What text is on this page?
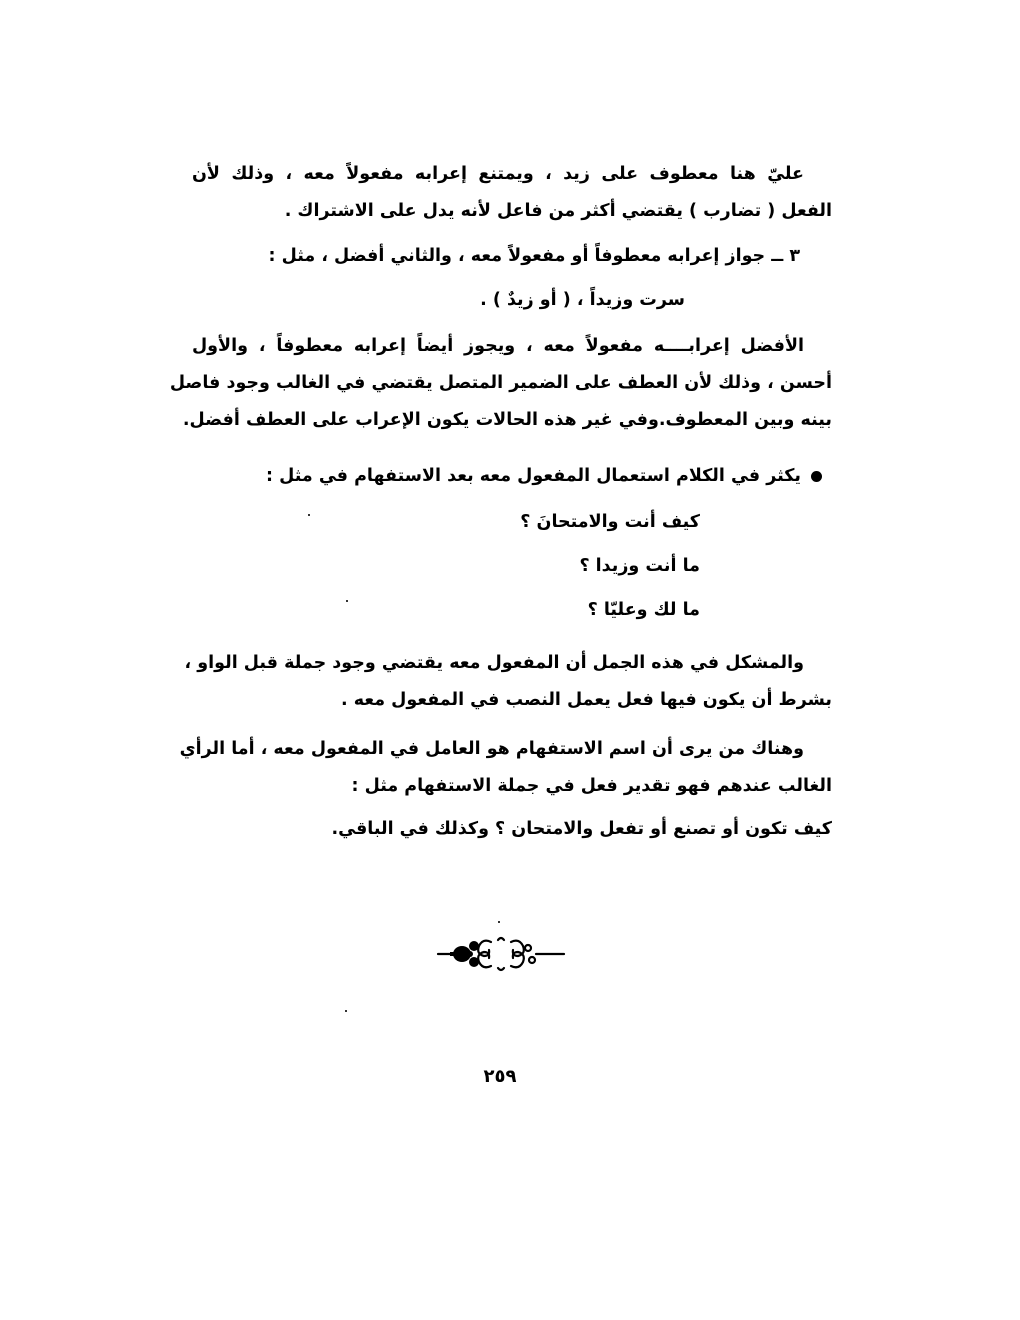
عليّ هنا معطوف على زيد ، ويمتنع إعرابه مفعولاً معه ، وذلك لأن
الفعل ( تضارب ) يقتضي أكثر من فاعل لأنه يدل على الاشتراك .
٣ ــ جواز إعرابه معطوفاً أو مفعولاً معه ، والثاني أفضل ، مثل :
سرت وزيداً ، ( أو زيدٌ ) .
الأفضل إعرابــــه مفعولاً معه ، ويجوز أيضاً إعرابه معطوفاً ، والأول
أحسن ، وذلك لأن العطف على الضمير المتصل يقتضي في الغالب وجود فاصل
بينه وبين المعطوف.وفي غير هذه الحالات يكون الإعراب على العطف أفضل.
يكثر في الكلام استعمال المفعول معه بعد الاستفهام في مثل :
كيف أنت والامتحانَ ؟
ما أنت وزيدا ؟
ما لك وعليّا ؟
والمشكل في هذه الجمل أن المفعول معه يقتضي وجود جملة قبل الواو ،
بشرط أن يكون فيها فعل يعمل النصب في المفعول معه .
وهناك من يرى أن اسم الاستفهام هو العامل في المفعول معه ، أما الرأي
الغالب عندهم فهو تقدير فعل في جملة الاستفهام مثل :
كيف تكون أو تصنع أو تفعل والامتحان ؟ وكذلك في الباقي.
٢٥٩
